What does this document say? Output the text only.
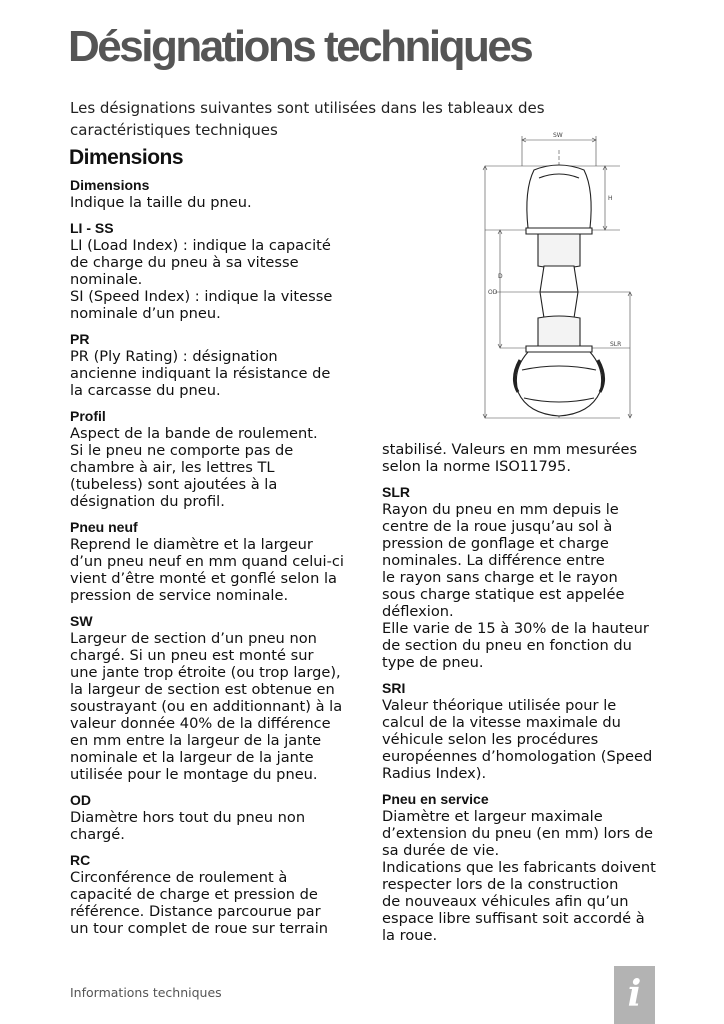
Désignations techniques

Les désignations suivantes sont utilisées dans les tableaux des caractéristiques techniques

Dimensions

Dimensions

Indique la taille du pneu.

LI - SS

LI (Load Index) : indique la capacité
de charge du pneu à sa vitesse
nominale.
SI (Speed Index) : indique la vitesse
nominale d’un pneu.

PR

PR (Ply Rating) : désignation
ancienne indiquant la résistance de
la carcasse du pneu.

Profil

Aspect de la bande de roulement.
Si le pneu ne comporte pas de
chambre à air, les lettres TL
(tubeless) sont ajoutées à la
désignation du profil.

Pneu neuf

Reprend le diamètre et la largeur
d’un pneu neuf en mm quand celui-ci
vient d’être monté et gonflé selon la
pression de service nominale.

SW

Largeur de section d’un pneu non
chargé. Si un pneu est monté sur
une jante trop étroite (ou trop large),
la largeur de section est obtenue en
soustrayant (ou en additionnant) à la
valeur donnée 40% de la différence
en mm entre la largeur de la jante
nominale et la largeur de la jante
utilisée pour le montage du pneu.

OD

Diamètre hors tout du pneu non
chargé.

RC

Circonférence de roulement à
capacité de charge et pression de
référence. Distance parcourue par
un tour complet de roue sur terrain

stabilisé. Valeurs en mm mesurées
selon la norme ISO11795.

SLR

Rayon du pneu en mm depuis le
centre de la roue jusqu’au sol à
pression de gonflage et charge
nominales. La différence entre
le rayon sans charge et le rayon
sous charge statique est appelée
déflexion.
Elle varie de 15 à 30% de la hauteur
de section du pneu en fonction du
type de pneu.

SRI

Valeur théorique utilisée pour le
calcul de la vitesse maximale du
véhicule selon les procédures
européennes d’homologation (Speed
Radius Index).

Pneu en service

Diamètre et largeur maximale
d’extension du pneu (en mm) lors de
sa durée de vie.
Indications que les fabricants doivent
respecter lors de la construction
de nouveaux véhicules afin qu’un
espace libre suffisant soit accordé à
la roue.

SW
H
D
OD
SLR
Informations techniques	i
